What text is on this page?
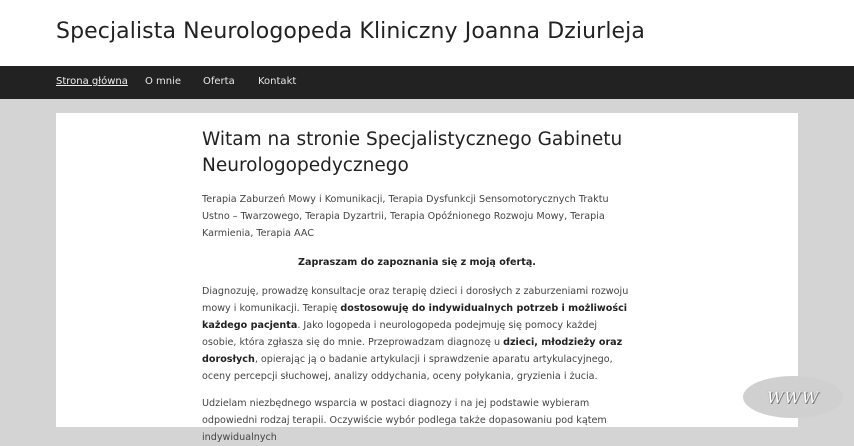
Specjalista Neurologopeda Kliniczny Joanna Dziurleja
Strona główna O mnie Oferta Kontakt
Witam na stronie Specjalistycznego Gabinetu Neurologopedycznego

Terapia Zaburzeń Mowy i Komunikacji, Terapia Dysfunkcji Sensomotorycznych Traktu Ustno – Twarzowego, Terapia Dyzartrii, Terapia Opóźnionego Rozwoju Mowy, Terapia Karmienia, Terapia AAC

Zapraszam do zapoznania się z moją ofertą.

Diagnozuję, prowadzę konsultacje oraz terapię dzieci i dorosłych z zaburzeniami rozwoju mowy i komunikacji. Terapię dostosowuję do indywidualnych potrzeb i możliwości każdego pacjenta. Jako logopeda i neurologopeda podejmuję się pomocy każdej osobie, która zgłasza się do mnie. Przeprowadzam diagnozę u dzieci, młodzieży oraz dorosłych, opierając ją o badanie artykulacji i sprawdzenie aparatu artykulacyjnego, oceny percepcji słuchowej, analizy oddychania, oceny połykania, gryzienia i żucia.

Udzielam niezbędnego wsparcia w postaci diagnozy i na jej podstawie wybieram odpowiedni rodzaj terapii. Oczywiście wybór podlega także dopasowaniu pod kątem indywidualnych

WWW
